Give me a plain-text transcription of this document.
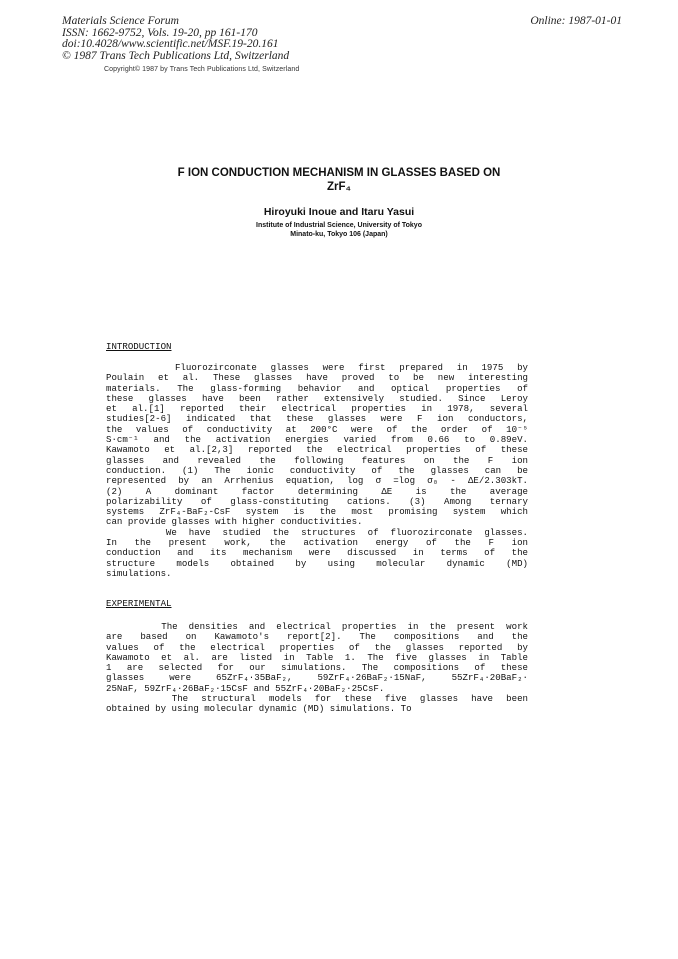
Materials Science Forum
ISSN: 1662-9752, Vols. 19-20, pp 161-170
doi:10.4028/www.scientific.net/MSF.19-20.161
© 1987 Trans Tech Publications Ltd, Switzerland
Online: 1987-01-01
Copyright© 1987 by Trans Tech Publications Ltd, Switzerland
F ION CONDUCTION MECHANISM IN GLASSES BASED ON
ZrF₄
Hiroyuki Inoue and Itaru Yasui
Institute of Industrial Science, University of Tokyo
Minato-ku, Tokyo 106 (Japan)
INTRODUCTION
Fluorozirconate glasses were first prepared in 1975 by
Poulain et al. These glasses have proved to be new interesting
materials. The glass-forming behavior and optical properties of
these glasses have been rather extensively studied. Since Leroy
et al.[1] reported their electrical properties in 1978, several
studies[2-6] indicated that these glasses were F ion conductors,
the values of conductivity at 200°C were of the order of 10⁻⁵
S·cm⁻¹ and the activation energies varied from 0.66 to 0.89eV.
Kawamoto et al.[2,3] reported the electrical properties of these
glasses and revealed the following features on the F ion
conduction. (1) The ionic conductivity of the glasses can be
represented by an Arrhenius equation, log σ =log σ₀ - ΔE/2.303kT.
(2) A dominant factor determining ΔE is the average
polarizability of glass-constituting cations. (3) Among ternary
systems ZrF₄-BaF₂-CsF system is the most promising system which
can provide glasses with higher conductivities.
We have studied the structures of fluorozirconate glasses.
In the present work, the activation energy of the F ion
conduction and its mechanism were discussed in terms of the
structure models obtained by using molecular dynamic (MD)
simulations.
EXPERIMENTAL
The densities and electrical properties in the present work
are based on Kawamoto's report[2]. The compositions and the
values of the electrical properties of the glasses reported by
Kawamoto et al. are listed in Table 1. The five glasses in Table
1 are selected for our simulations. The compositions of these
glasses were 65ZrF₄·35BaF₂, 59ZrF₄·26BaF₂·15NaF, 55ZrF₄·20BaF₂·
25NaF, 59ZrF₄·26BaF₂·15CsF and 55ZrF₄·20BaF₂·25CsF.
The structural models for these five glasses have been
obtained by using molecular dynamic (MD) simulations. To
